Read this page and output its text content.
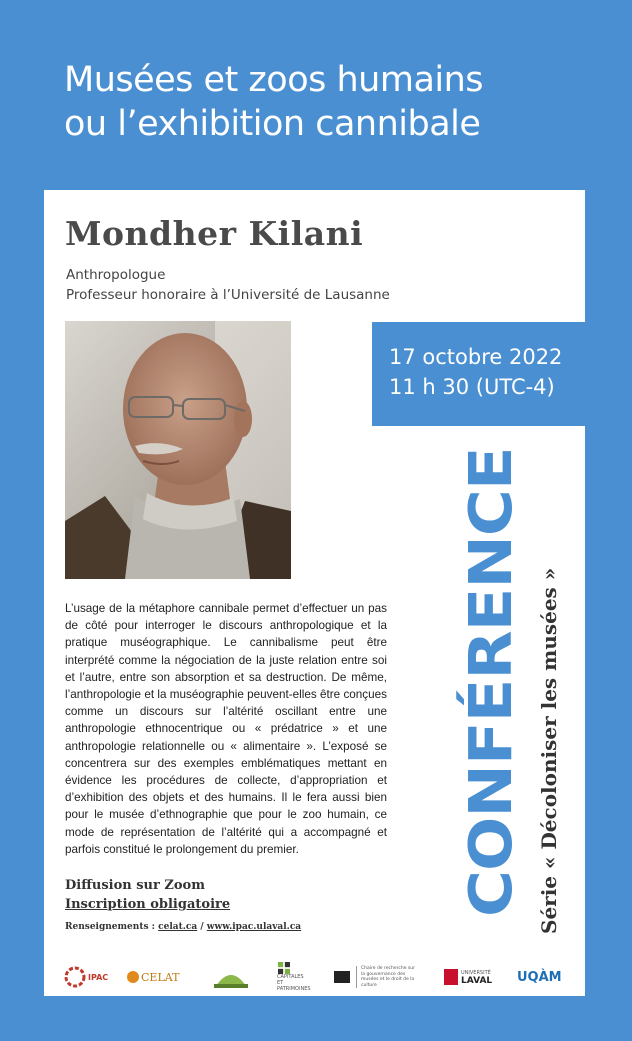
Musées et zoos humains
ou l’exhibition cannibale
Mondher Kilani
Anthropologue
Professeur honoraire à l’Université de Lausanne
17 octobre 2022
11 h 30 (UTC-4)
CONFÉRENCE Série « Décoloniser les musées »

L’usage de la métaphore cannibale permet d’effectuer un pas de côté pour interroger le discours anthropologique et la pratique muséographique. Le cannibalisme peut être interprété comme la négociation de la juste relation entre soi et l’autre, entre son absorption et sa destruction. De même, l’anthropologie et la muséographie peuvent-elles être conçues comme un discours sur l’altérité oscillant entre une anthropologie ethnocentrique ou « prédatrice » et une anthropologie relationnelle ou « alimentaire ». L’exposé se concentrera sur des exemples emblématiques mettant en évidence les procédures de collecte, d’appropriation et d’exhibition des objets et des humains. Il le fera aussi bien pour le musée d’ethnographie que pour le zoo humain, ce mode de représentation de l’altérité qui a accompagné et parfois constitué le prolongement du premier.

Diffusion sur Zoom
Inscription obligatoire
Renseignements : celat.ca / www.ipac.ulaval.ca
IPAC	CELAT	CAPITALES ET PATRIMOINES
Chaire de recherche sur la gouvernance des musées et le droit de la culture
UNIVERSITÉ
LAVAL UQÀM
